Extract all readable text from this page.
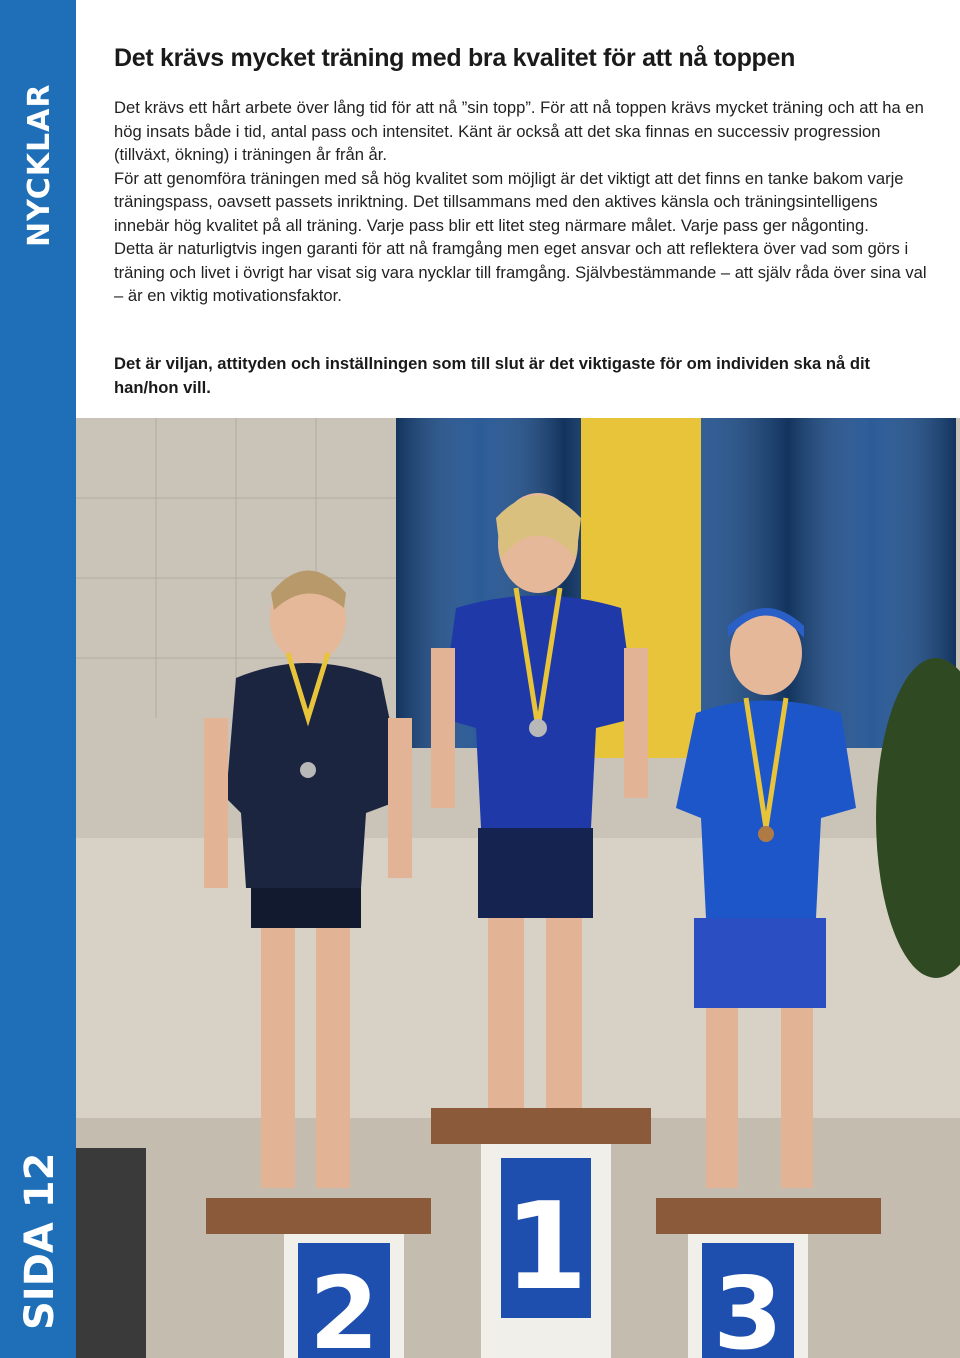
NYCKLAR
SIDA 12
Det krävs mycket träning med bra kvalitet för att nå toppen

Det krävs ett hårt arbete över lång tid för att nå ”sin topp”. För att nå toppen krävs mycket träning och att ha en hög insats både i tid, antal pass och intensitet. Känt är också att det ska finnas en successiv progression (tillväxt, ökning) i träningen år från år.

För att genomföra träningen med så hög kvalitet som möjligt är det viktigt att det finns en tanke bakom varje träningspass, oavsett passets inriktning. Det tillsammans med den aktives känsla och träningsintelligens innebär hög kvalitet på all träning. Varje pass blir ett litet steg närmare målet. Varje pass ger någonting.

Detta är naturligtvis ingen garanti för att nå framgång men eget ansvar och att reflektera över vad som görs i träning och livet i övrigt har visat sig vara nycklar till framgång. Självbestämmande – att själv råda över sina val – är en viktig motivationsfaktor.

Det är viljan, attityden och inställningen som till slut är det viktigaste för om individen ska nå dit han/hon vill.
1
2	3
